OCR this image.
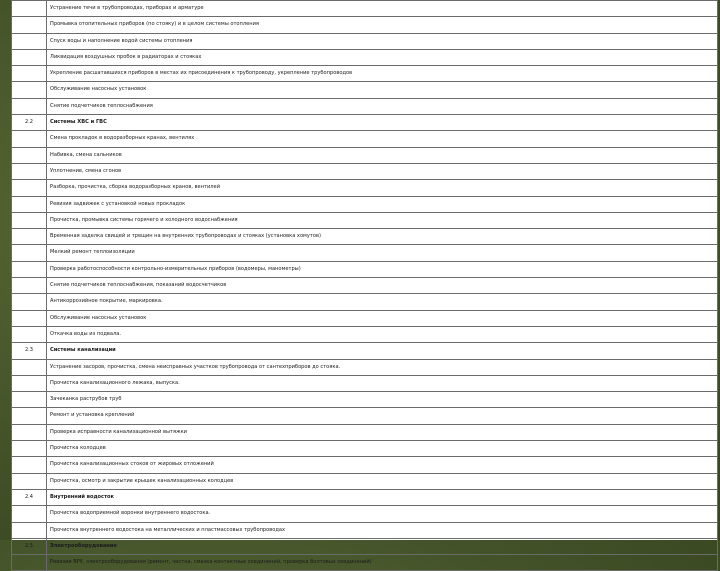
	Устранение течи в трубопроводах, приборах и арматуре
	Промывка отопительных приборов (по стояку) и в целом системы отопления
	Спуск воды и наполнение водой системы отопления
	Ликвидация воздушных пробок в радиаторах и стояках
	Укрепление расшатавшихся приборов в местах их присоединения к трубопроводу, укрепление трубопроводов
	Обслуживание насосных установок
	Снятие подчетчиков теплоснабжения
2.2	Системы ХВС и ГВС
	Смена прокладок в водоразборных кранах, вентилях
	Набивка, смена сальников
	Уплотнение, смена сгонов
	Разборка, прочистка, сборка водоразборных кранов, вентилей
	Ревизия задвижек с установкой новых прокладок
	Прочистка, промывка системы горячего и холодного водоснабжения
	Временная заделка свищей и трещин на внутренних трубопроводах и стояках (установка хомутов)
	Мелкий ремонт теплоизоляции
	Проверка работоспособности контрольно-измерительных приборов (водомеры, манометры)
	Снятие подчетчиков теплоснабжения, показаний водосчетчиков
	Антикоррозийное покрытие, маркировка.
	Обслуживание насосных установок
	Откачка воды из подвала.
2.3	Системы канализации
	Устранение засоров, прочистка, смена неисправных участков трубопровода от сантехприборов до стояка.
	Прочистка канализационного лежака, выпуска.
	Зачеканка раструбов труб
	Ремонт и установка креплений
	Проверка исправности канализационной вытяжки
	Прочистка колодцев
	Прочистка канализационных стоков от жировых отложений
	Прочистка, осмотр и закрытие крышек канализационных колодцев
2.4	Внутренний водосток
	Прочистка водоприемной воронки внутреннего водостока.
	Прочистка внутреннего водостока на металлических и пластмассовых трубопроводах
2.5	Электрооборудование
	Ревизия ВРУ, электрооборудования (ремонт, чистка, смазка контактных соединений, проверка болтовых соединений)
